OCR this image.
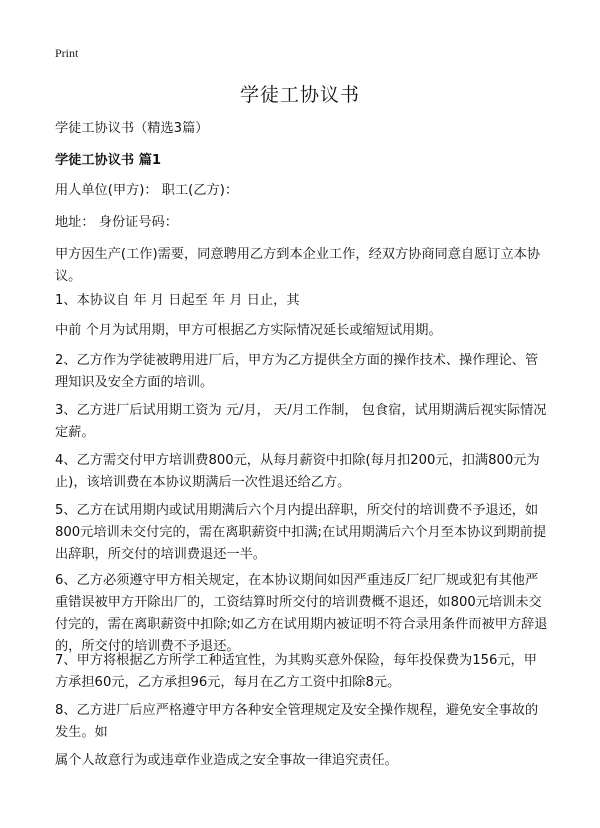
Print
学徒工协议书

学徒工协议书（精选3篇）

学徒工协议书 篇1

用人单位(甲方)： 职工(乙方)：

地址： 身份证号码：

甲方因生产(工作)需要，同意聘用乙方到本企业工作，经双方协商同意自愿订立本协议。

1、本协议自 年 月 日起至 年 月 日止，其

中前 个月为试用期，甲方可根据乙方实际情况延长或缩短试用期。

2、乙方作为学徒被聘用进厂后，甲方为乙方提供全方面的操作技术、操作理论、管理知识及安全方面的培训。

3、乙方进厂后试用期工资为 元/月， 天/月工作制， 包食宿，试用期满后视实际情况定薪。

4、乙方需交付甲方培训费800元，从每月薪资中扣除(每月扣200元，扣满800元为止)，该培训费在本协议期满后一次性退还给乙方。

5、乙方在试用期内或试用期满后六个月内提出辞职，所交付的培训费不予退还，如800元培训未交付完的，需在离职薪资中扣满;在试用期满后六个月至本协议到期前提出辞职，所交付的培训费退还一半。

6、乙方必须遵守甲方相关规定，在本协议期间如因严重违反厂纪厂规或犯有其他严重错误被甲方开除出厂的，工资结算时所交付的培训费概不退还，如800元培训未交付完的，需在离职薪资中扣除;如乙方在试用期内被证明不符合录用条件而被甲方辞退的，所交付的培训费不予退还。

7、甲方将根据乙方所学工种适宜性，为其购买意外保险，每年投保费为156元，甲方承担60元，乙方承担96元，每月在乙方工资中扣除8元。

8、乙方进厂后应严格遵守甲方各种安全管理规定及安全操作规程，避免安全事故的发生。如

属个人故意行为或违章作业造成之安全事故一律追究责任。
